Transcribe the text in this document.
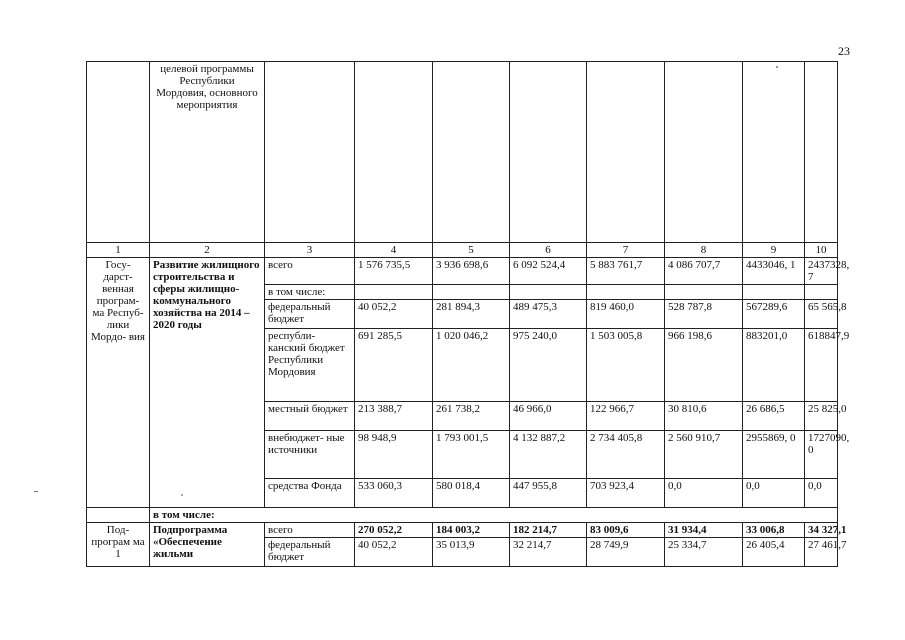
23
	целевой программы Республики Мордовия, основного мероприятия								
1	2	3	4	5	6	7	8	9	10
Госу- дарст- венная програм- ма Респуб- лики Мордо- вия	Развитие жилищного строительства и сферы жилищно- коммунального хозяйства на 2014 – 2020 годы	всего	1 576 735,5	3 936 698,6	6 092 524,4	5 883 761,7	4 086 707,7	4433046, 1	2437328, 7
		в том числе:							
		федеральный бюджет	40 052,2	281 894,3	489 475,3	819 460,0	528 787,8	567289,6	65 565,8
		республи- канский бюджет Республики Мордовия	691 285,5	1 020 046,2	975 240,0	1 503 005,8	966 198,6	883201,0	618847,9
		местный бюджет	213 388,7	261 738,2	46 966,0	122 966,7	30 810,6	26 686,5	25 825,0
		внебюджет- ные источники	98 948,9	1 793 001,5	4 132 887,2	2 734 405,8	2 560 910,7	2955869, 0	1727090, 0
		средства Фонда	533 060,3	580 018,4	447 955,8	703 923,4	0,0	0,0	0,0
	в том числе:								
Под- програм ма 1	Подпрограмма «Обеспечение жильми	всего	270 052,2	184 003,2	182 214,7	83 009,6	31 934,4	33 006,8	34 327,1
		федеральный бюджет	40 052,2	35 013,9	32 214,7	28 749,9	25 334,7	26 405,4	27 461,7
